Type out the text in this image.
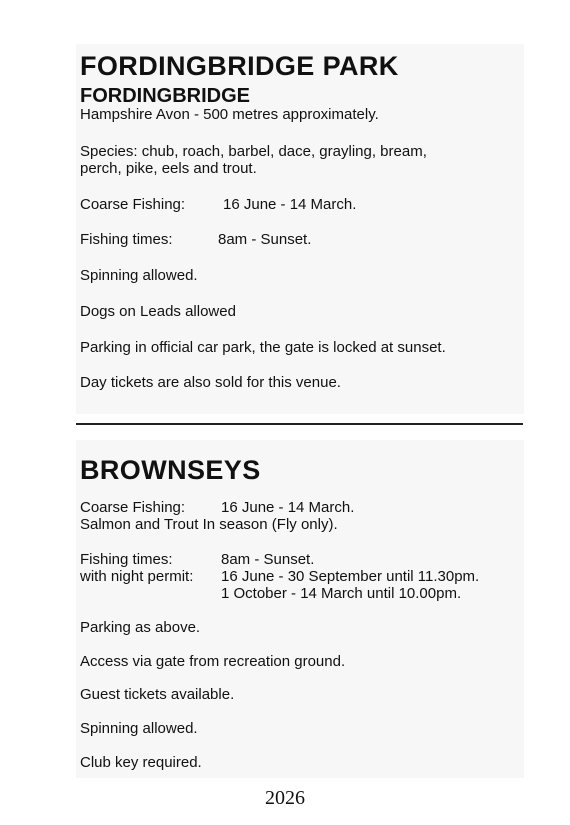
FORDINGBRIDGE PARK
FORDINGBRIDGE

Hampshire Avon - 500 metres approximately.

Species: chub, roach, barbel, dace, grayling, bream,

perch, pike, eels and trout.

Coarse Fishing:	16 June - 14 March.

Fishing times:	8am - Sunset.

Spinning allowed.

Dogs on Leads allowed

Parking in official car park, the gate is locked at sunset.

Day tickets are also sold for this venue.

BROWNSEYS

Coarse Fishing: 16 June - 14 March.

Salmon and Trout In season (Fly only).

Fishing times:	8am - Sunset.

with night permit: 16 June - 30 September until 11.30pm.

1 October - 14 March until 10.00pm.

Parking as above.

Access via gate from recreation ground.

Guest tickets available.

Spinning allowed.

Club key required.

2026
